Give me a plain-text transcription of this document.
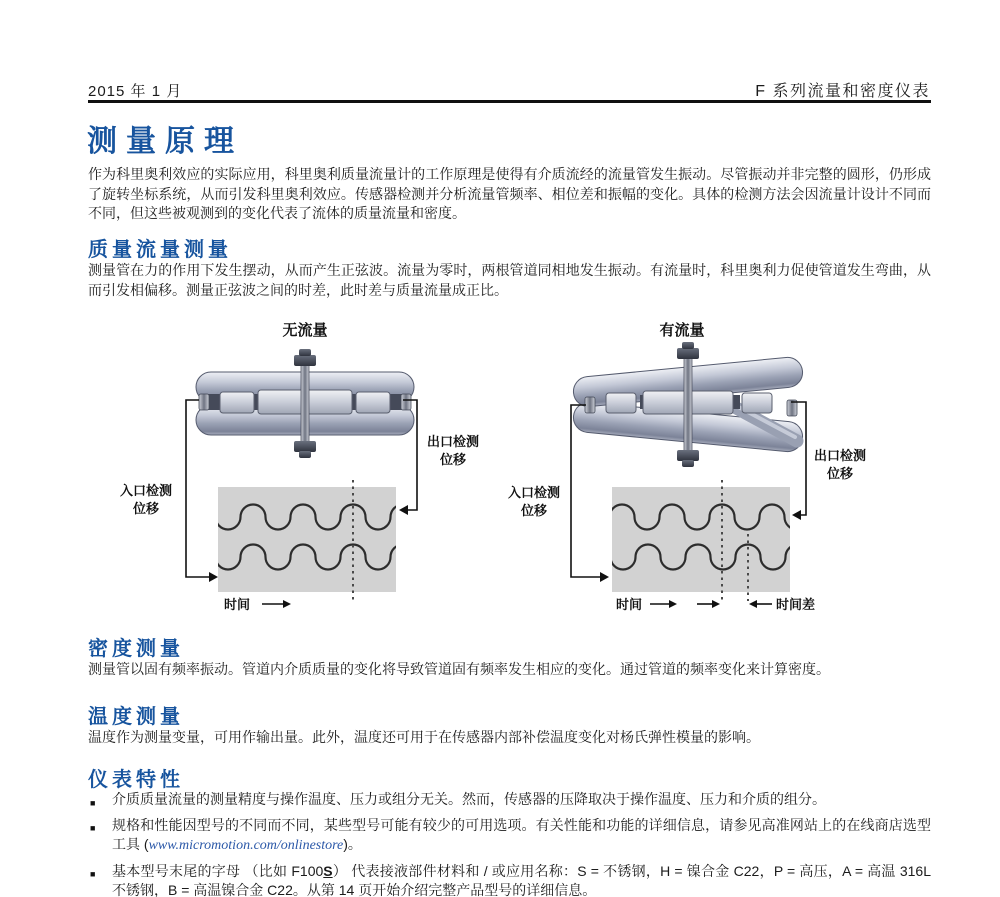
2015 年 1 月	F 系列流量和密度仪表
测量原理

作为科里奥利效应的实际应用，科里奥利质量流量计的工作原理是使得有介质流经的流量管发生振动。尽管振动并非完整的圆形，仍形成了旋转坐标系统，从而引发科里奥利效应。传感器检测并分析流量管频率、相位差和振幅的变化。具体的检测方法会因流量计设计不同而不同，但这些被观测到的变化代表了流体的质量流量和密度。

质量流量测量

测量管在力的作用下发生摆动，从而产生正弦波。流量为零时，两根管道同相地发生振动。有流量时，科里奥利力促使管道发生弯曲，从而引发相偏移。测量正弦波之间的时差，此时差与质量流量成正比。

无流量	有流量
入口检测
位移
出口检测
位移
入口检测
位移
出口检测
位移
时间	时间	时间差
密度测量

测量管以固有频率振动。管道内介质质量的变化将导致管道固有频率发生相应的变化。通过管道的频率变化来计算密度。

温度测量

温度作为测量变量，可用作输出量。此外，温度还可用于在传感器内部补偿温度变化对杨氏弹性模量的影响。

仪表特性
■ 介质质量流量的测量精度与操作温度、压力或组分无关。然而，传感器的压降取决于操作温度、压力和介质的组分。
■ 规格和性能因型号的不同而不同，某些型号可能有较少的可用选项。有关性能和功能的详细信息，请参见高准网站上的在线商店选型工具 (www.micromotion.com/onlinestore)。
■ 基本型号末尾的字母 （比如 F100S） 代表接液部件材料和 / 或应用名称：S = 不锈钢，H = 镍合金 C22，P = 高压，A = 高温 316L 不锈钢，B = 高温镍合金 C22。从第 14 页开始介绍完整产品型号的详细信息。
